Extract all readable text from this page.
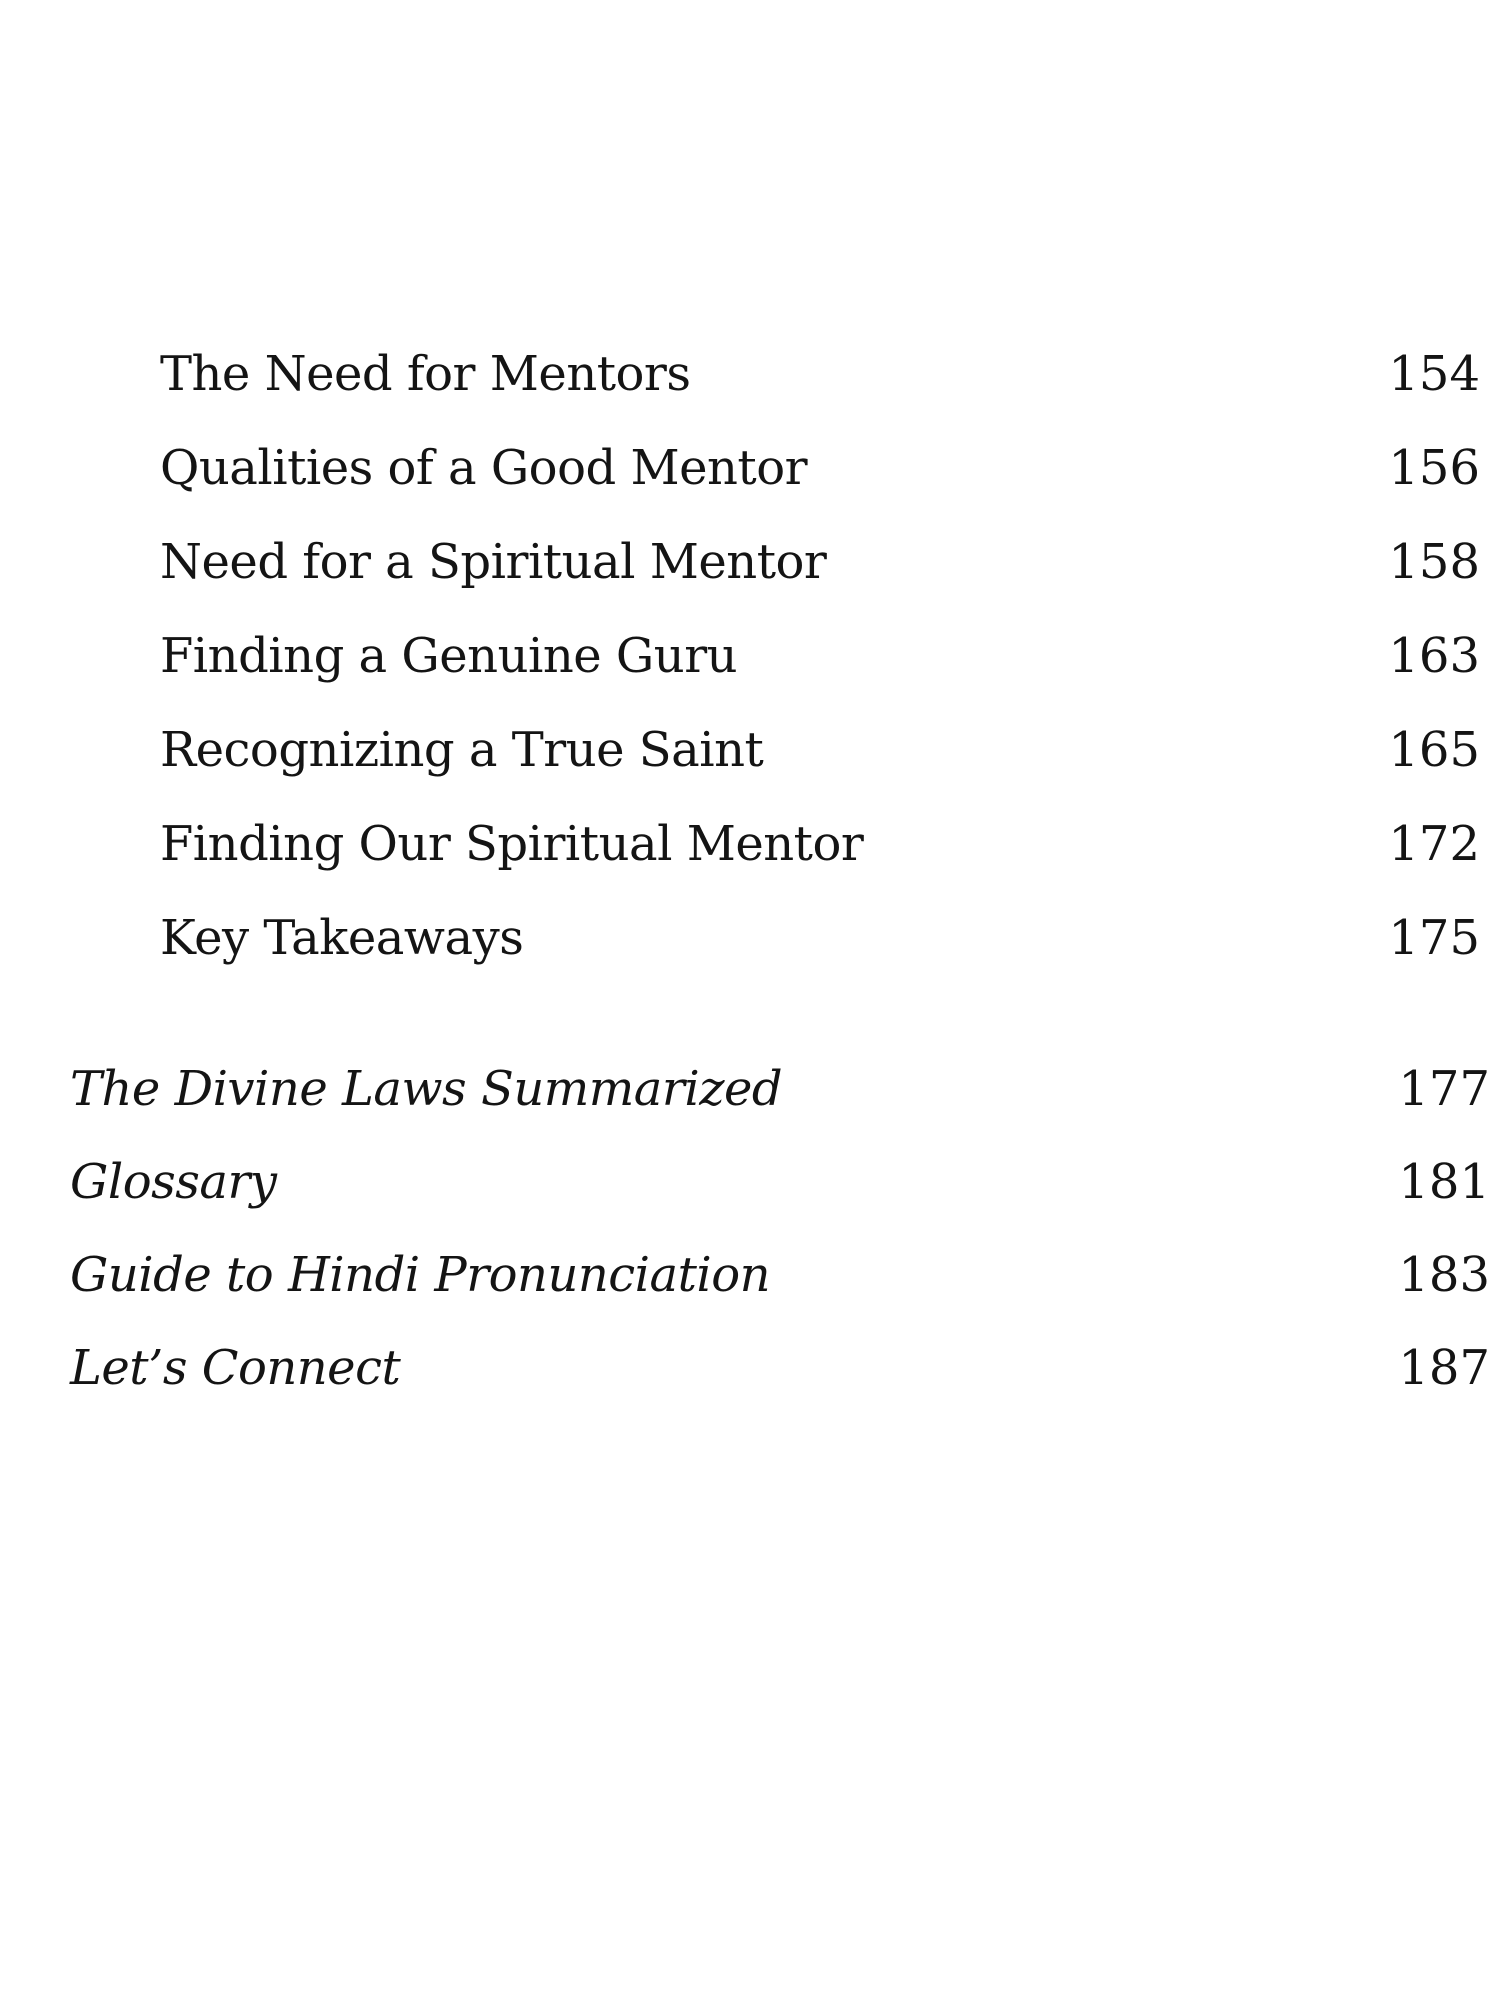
The Need for Mentors	154
Qualities of a Good Mentor	156
Need for a Spiritual Mentor	158
Finding a Genuine Guru	163
Recognizing a True Saint	165
Finding Our Spiritual Mentor	172
Key Takeaways	175
The Divine Laws Summarized	177
Glossary	181
Guide to Hindi Pronunciation	183
Let’s Connect	187
